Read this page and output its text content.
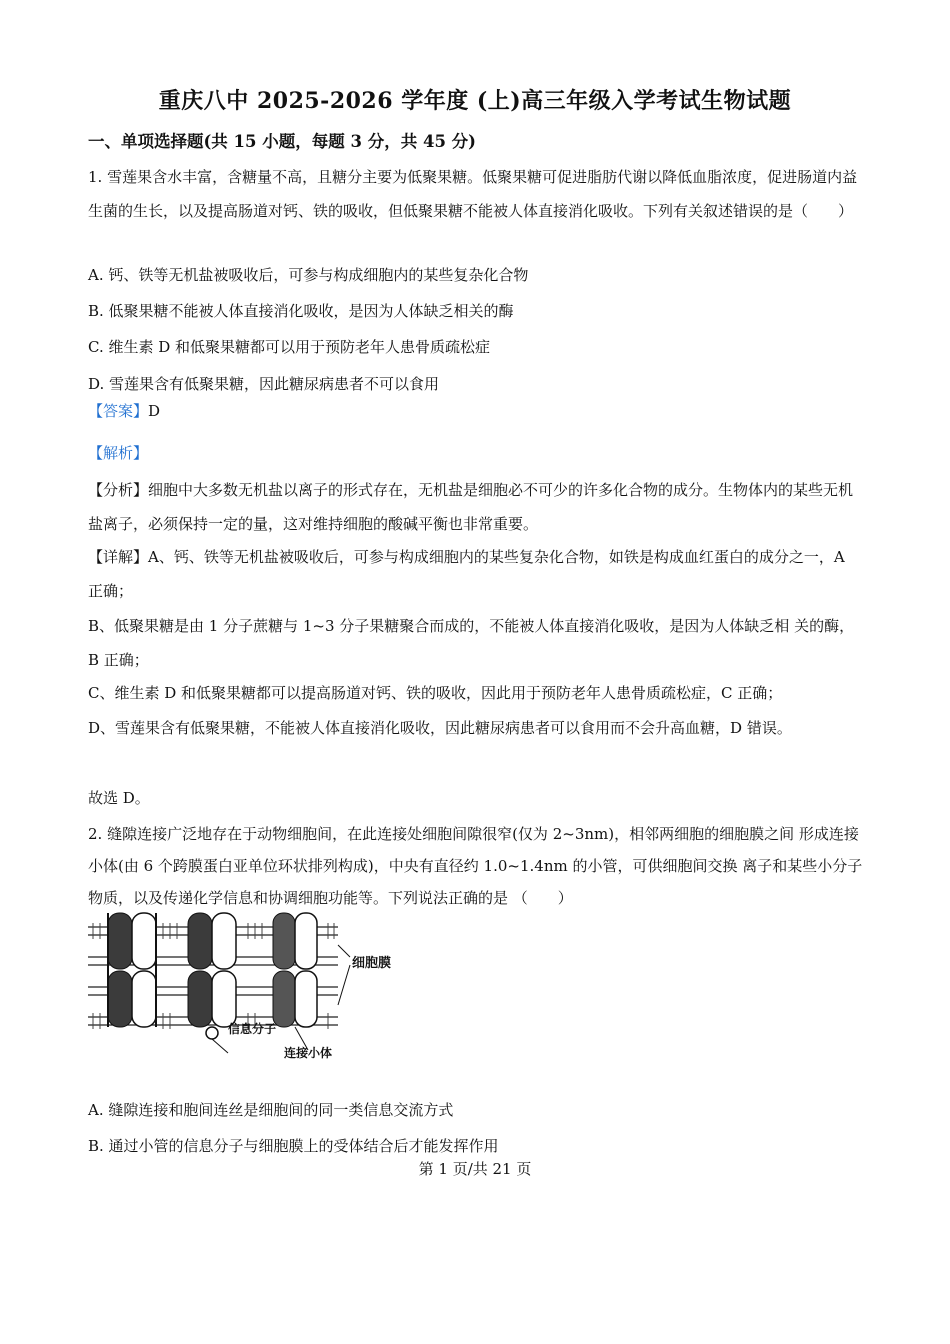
重庆八中 2025-2026 学年度 (上)高三年级入学考试生物试题
一、单项选择题(共 15 小题，每题 3 分，共 45 分)
1. 雪莲果含水丰富，含糖量不高，且糖分主要为低聚果糖。低聚果糖可促进脂肪代谢以降低血脂浓度，促进肠道内益生菌的生长，以及提高肠道对钙、铁的吸收，但低聚果糖不能被人体直接消化吸收。下列有关叙述错误的是（　　）
A. 钙、铁等无机盐被吸收后，可参与构成细胞内的某些复杂化合物
B. 低聚果糖不能被人体直接消化吸收，是因为人体缺乏相关的酶
C. 维生素 D 和低聚果糖都可以用于预防老年人患骨质疏松症
D. 雪莲果含有低聚果糖，因此糖尿病患者不可以食用
【答案】D
【解析】
【分析】细胞中大多数无机盐以离子的形式存在，无机盐是细胞必不可少的许多化合物的成分。生物体内的某些无机盐离子，必须保持一定的量，这对维持细胞的酸碱平衡也非常重要。
【详解】A、钙、铁等无机盐被吸收后，可参与构成细胞内的某些复杂化合物，如铁是构成血红蛋白的成分之一，A 正确；
B、低聚果糖是由 1 分子蔗糖与 1~3 分子果糖聚合而成的，不能被人体直接消化吸收，是因为人体缺乏相 关的酶，B 正确；
C、维生素 D 和低聚果糖都可以提高肠道对钙、铁的吸收，因此用于预防老年人患骨质疏松症，C 正确；
D、雪莲果含有低聚果糖，不能被人体直接消化吸收，因此糖尿病患者可以食用而不会升高血糖，D 错误。
故选 D。
2. 缝隙连接广泛地存在于动物细胞间，在此连接处细胞间隙很窄(仅为 2~3nm)，相邻两细胞的细胞膜之间 形成连接小体(由 6 个跨膜蛋白亚单位环状排列构成)，中央有直径约 1.0~1.4nm 的小管，可供细胞间交换 离子和某些小分子物质，以及传递化学信息和协调细胞功能等。下列说法正确的是 （　　）
细胞膜
信息分子
连接小体
A. 缝隙连接和胞间连丝是细胞间的同一类信息交流方式
B. 通过小管的信息分子与细胞膜上的受体结合后才能发挥作用
第 1 页/共 21 页
